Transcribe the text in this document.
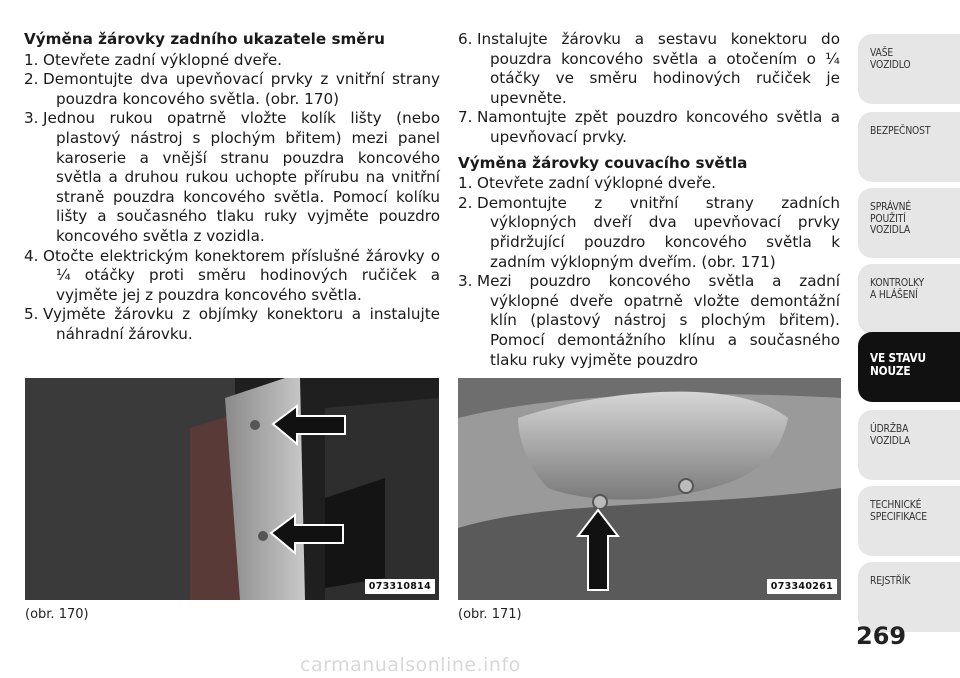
Výměna žárovky zadního ukazatele směru
1. Otevřete zadní výklopné dveře.
2. Demontujte dva upevňovací prvky z vnitřní strany pouzdra koncového světla. (obr. 170)
3. Jednou rukou opatrně vložte kolík lišty (nebo plastový nástroj s plochým břitem) mezi panel karoserie a vnější stranu pouzdra koncového světla a druhou rukou uchopte přírubu na vnitřní straně pouzdra koncového světla. Pomocí kolíku lišty a současného tlaku ruky vyjměte pouzdro koncového světla z vozidla.
4. Otočte elektrickým konektorem příslušné žárovky o ¼ otáčky proti směru hodinových ručiček a vyjměte jej z pouzdra koncového světla.
5. Vyjměte žárovku z objímky konektoru a instalujte náhradní žárovku.
6. Instalujte žárovku a sestavu konektoru do pouzdra koncového světla a otočením o ¼ otáčky ve směru hodinových ručiček je upevněte.
7. Namontujte zpět pouzdro koncového světla a upevňovací prvky.
Výměna žárovky couvacího světla
1. Otevřete zadní výklopné dveře.
2. Demontujte z vnitřní strany zadních výklopných dveří dva upevňovací prvky přidržující pouzdro koncového světla k zadním výklopným dveřím. (obr. 171)
3. Mezi pouzdro koncového světla a zadní výklopné dveře opatrně vložte demontážní klín (plastový nástroj s plochým břitem). Pomocí demontážního klínu a současného tlaku ruky vyjměte pouzdro
073310814
(obr. 170)
073340261
(obr. 171)
VAŠE
VOZIDLO
BEZPEČNOST
SPRÁVNÉ
POUŽITÍ
VOZIDLA
KONTROLKY
A HLÁŠENÍ
VE STAVU
NOUZE
ÚDRŽBA
VOZIDLA
TECHNICKÉ
SPECIFIKACE
REJSTŘÍK
269
carmanualsonline.info
